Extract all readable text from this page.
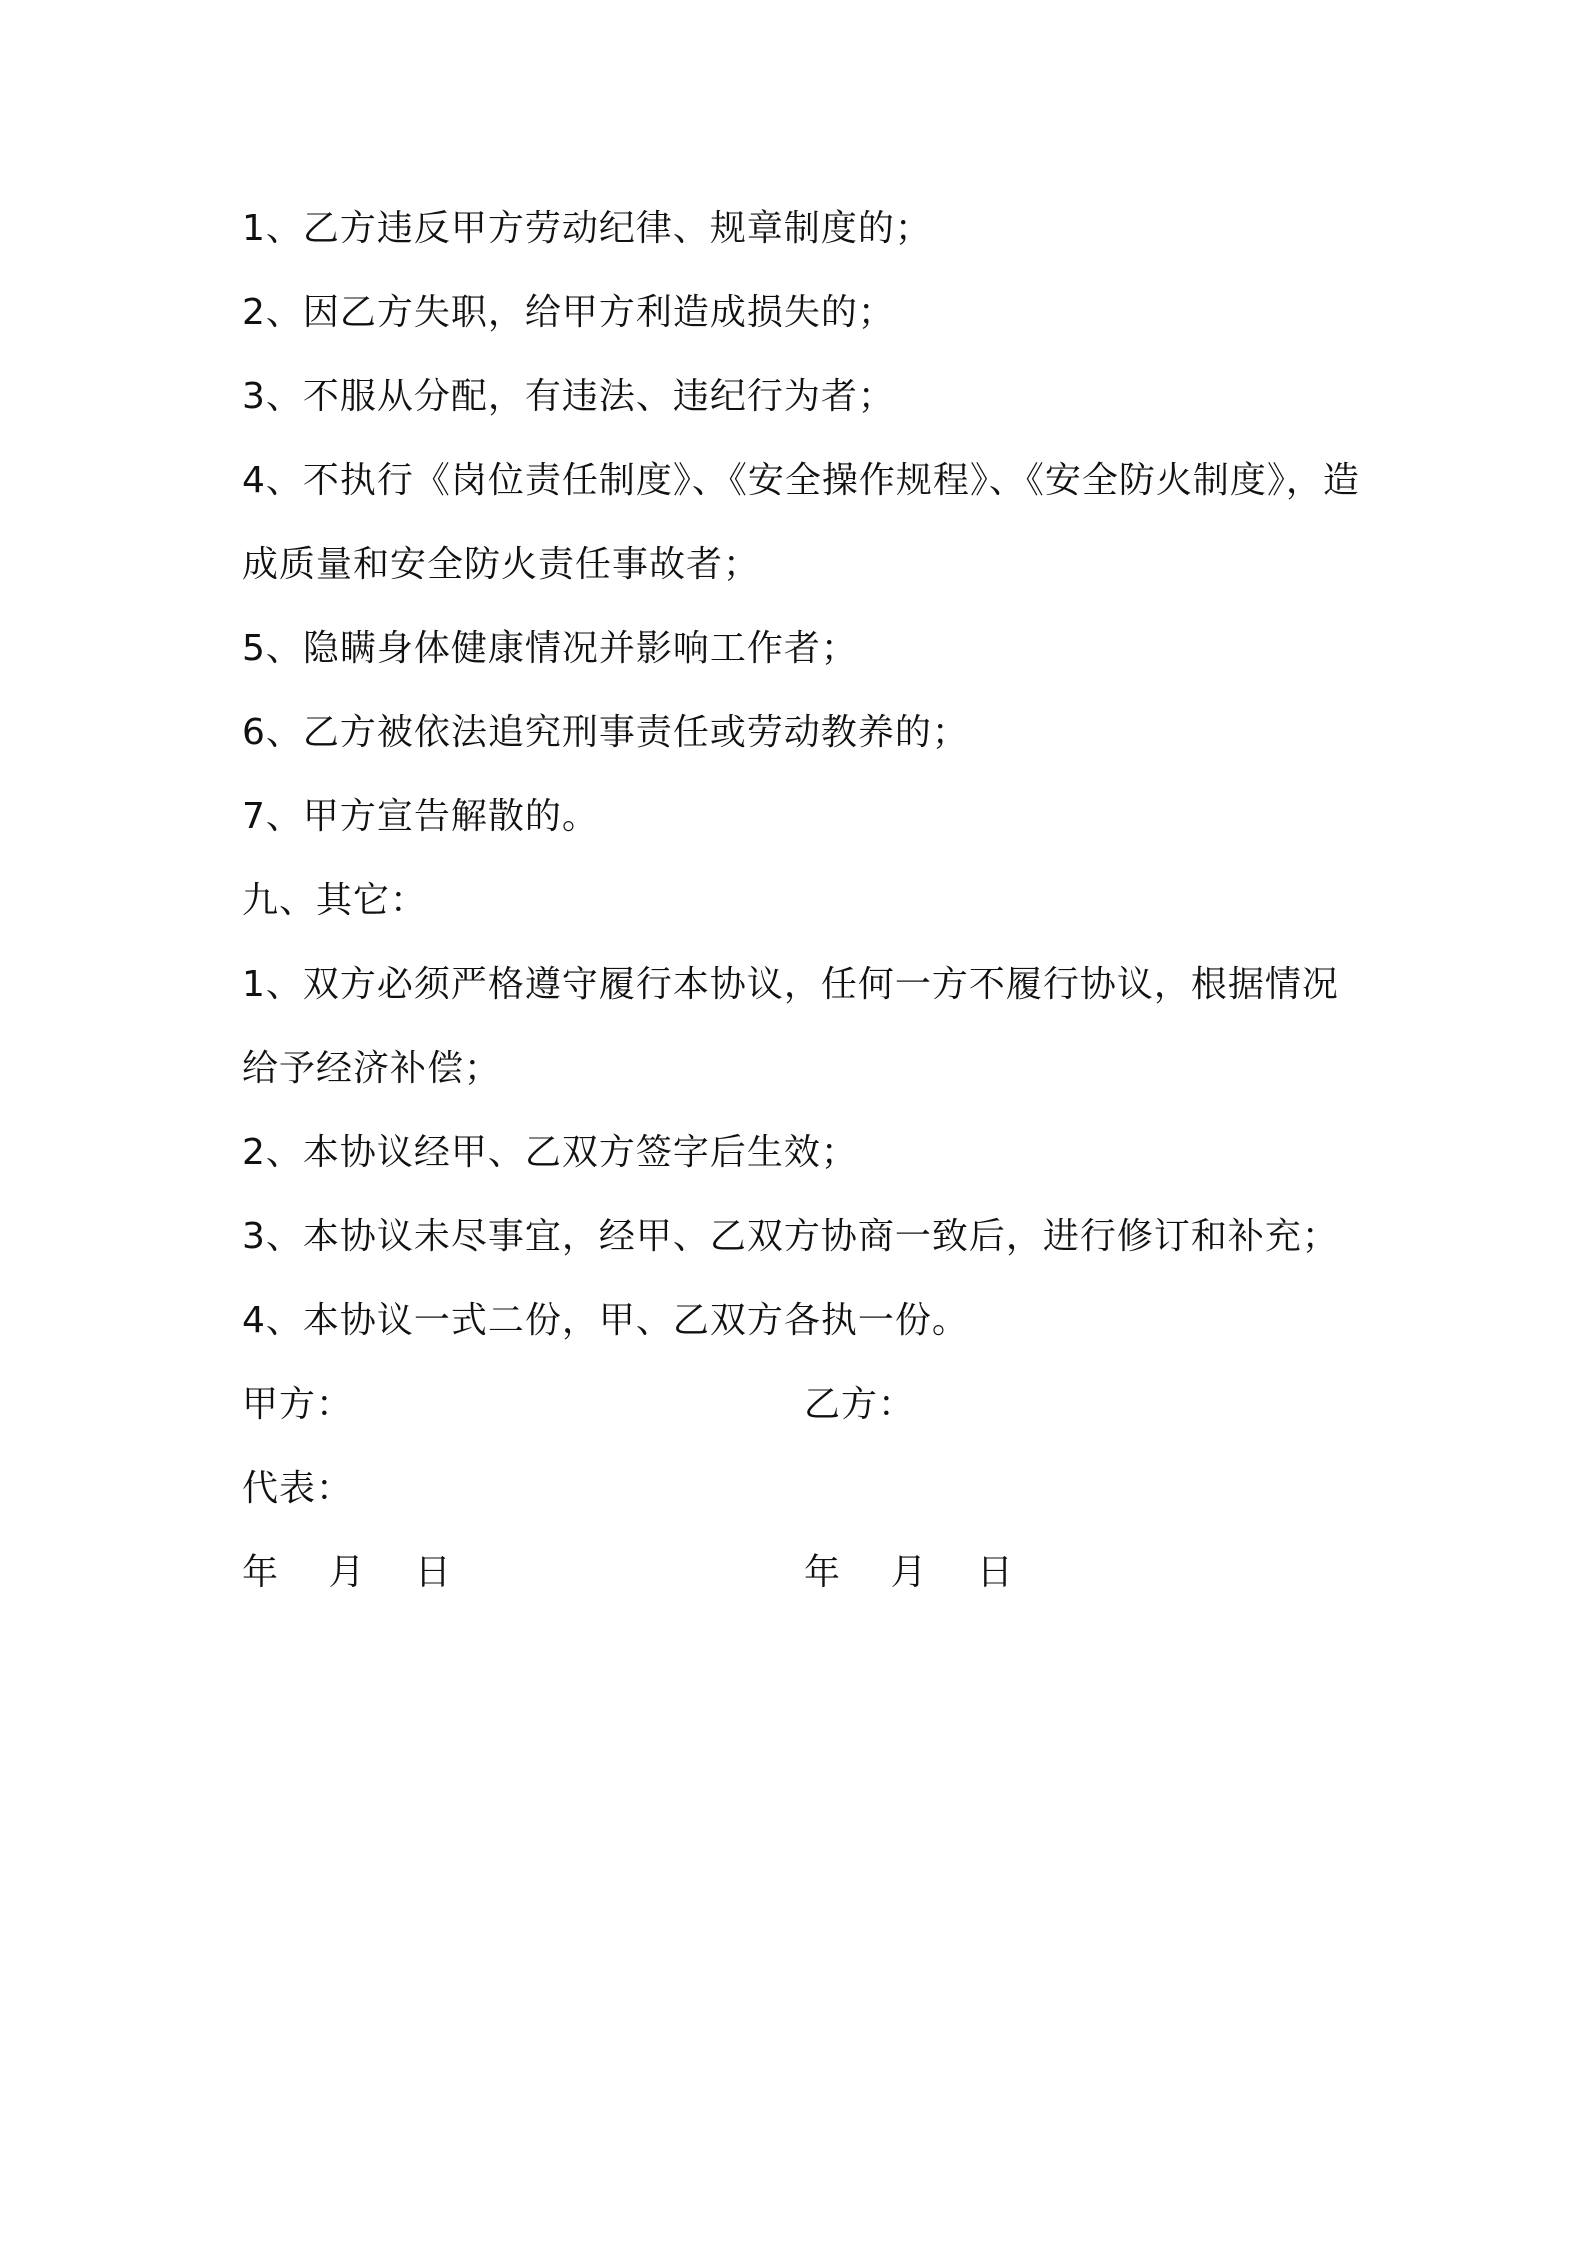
1、乙方违反甲方劳动纪律、规章制度的；
2、因乙方失职，给甲方利造成损失的；
3、不服从分配，有违法、违纪行为者；
4、不执行《岗位责任制度》、《安全操作规程》、《安全防火制度》，造
成质量和安全防火责任事故者；
5、隐瞒身体健康情况并影响工作者；
6、乙方被依法追究刑事责任或劳动教养的；
7、甲方宣告解散的。
九、其它：
1、双方必须严格遵守履行本协议，任何一方不履行协议，根据情况
给予经济补偿；
2、本协议经甲、乙双方签字后生效；
3、本协议未尽事宜，经甲、乙双方协商一致后，进行修订和补充；
4、本协议一式二份，甲、乙双方各执一份。
甲方：	乙方：
代表：
年　 月　 日	年　 月　 日
